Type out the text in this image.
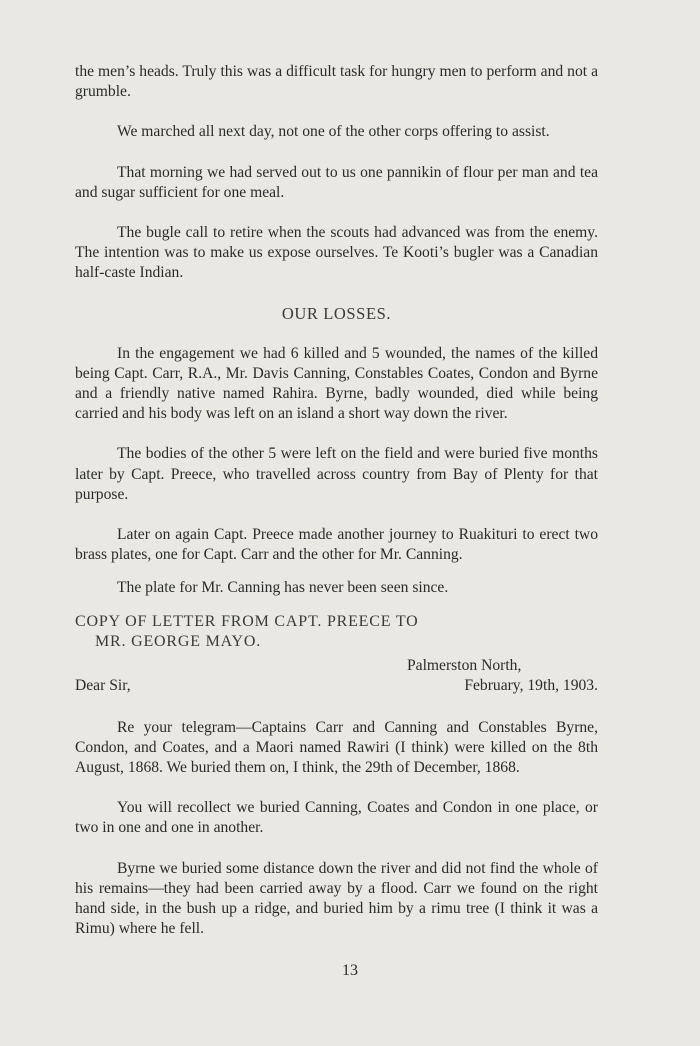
the men’s heads. Truly this was a difficult task for hungry men to perform and not a grumble.

We marched all next day, not one of the other corps offering to assist.

That morning we had served out to us one pannikin of flour per man and tea and sugar sufficient for one meal.

The bugle call to retire when the scouts had advanced was from the enemy. The intention was to make us expose ourselves. Te Kooti’s bugler was a Canadian half-caste Indian.

OUR LOSSES.

In the engagement we had 6 killed and 5 wounded, the names of the killed being Capt. Carr, R.A., Mr. Davis Canning, Constables Coates, Condon and Byrne and a friendly native named Rahira. Byrne, badly wounded, died while being carried and his body was left on an island a short way down the river.

The bodies of the other 5 were left on the field and were buried five months later by Capt. Preece, who travelled across country from Bay of Plenty for that purpose.

Later on again Capt. Preece made another journey to Ruakituri to erect two brass plates, one for Capt. Carr and the other for Mr. Canning.

The plate for Mr. Canning has never been seen since.

COPY OF LETTER FROM CAPT. PREECE TO
MR. GEORGE MAYO.
Palmerston North,
Dear Sir,	February, 19th, 1903.

Re your telegram—Captains Carr and Canning and Constables Byrne, Condon, and Coates, and a Maori named Rawiri (I think) were killed on the 8th August, 1868. We buried them on, I think, the 29th of December, 1868.

You will recollect we buried Canning, Coates and Condon in one place, or two in one and one in another.

Byrne we buried some distance down the river and did not find the whole of his remains—they had been carried away by a flood. Carr we found on the right hand side, in the bush up a ridge, and buried him by a rimu tree (I think it was a Rimu) where he fell.

13
